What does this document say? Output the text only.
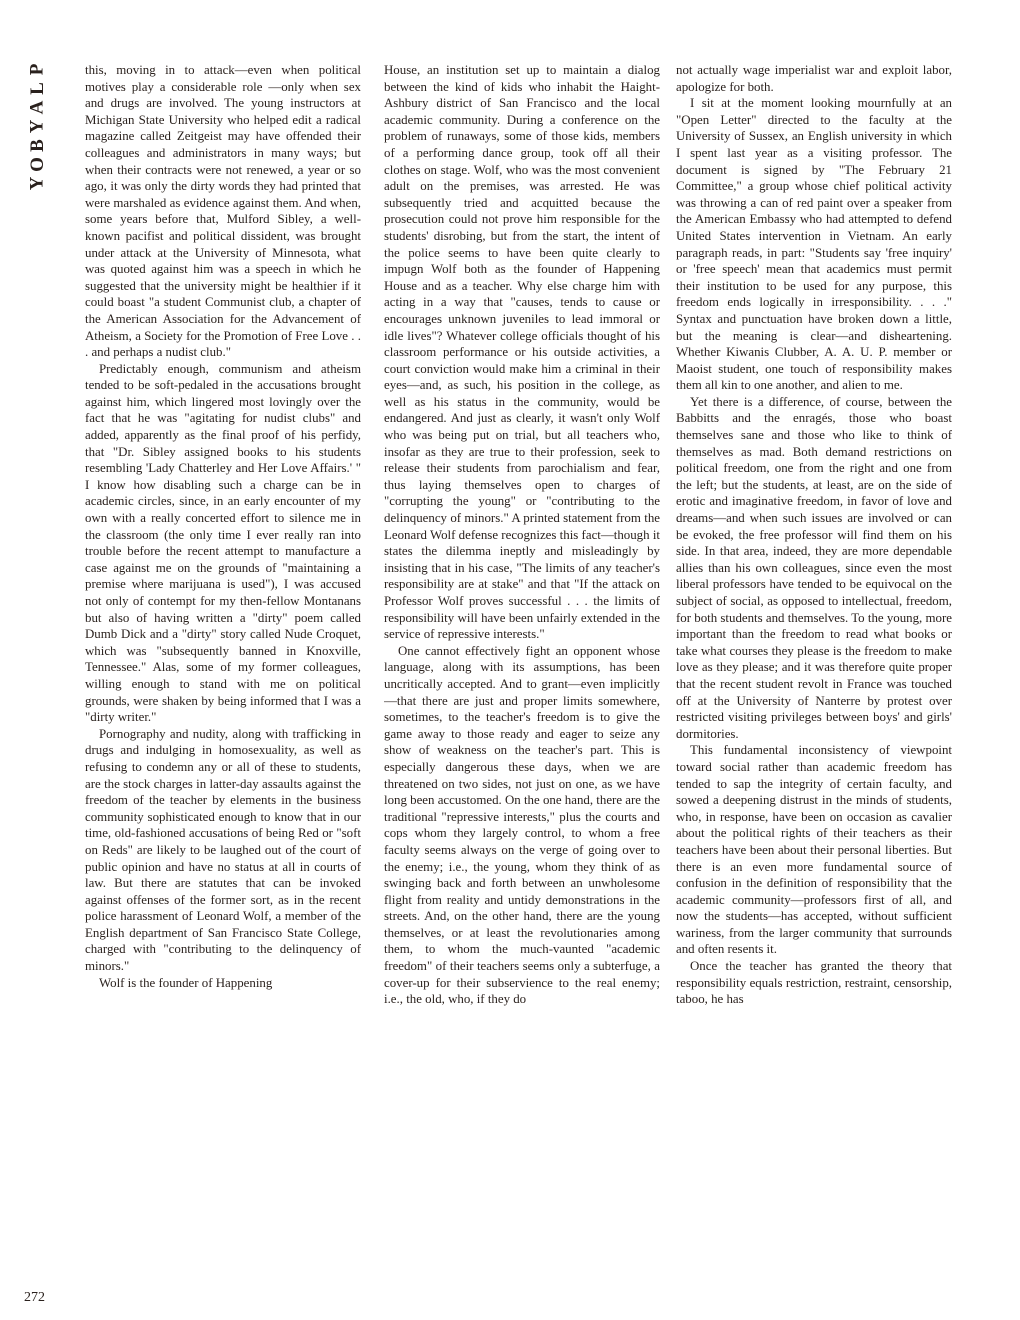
P
L
A
Y
B
O
Y

this, moving in to attack—even when political motives play a considerable role —only when sex and drugs are involved. The young instructors at Michigan State University who helped edit a radical magazine called Zeitgeist may have offended their colleagues and administrators in many ways; but when their contracts were not renewed, a year or so ago, it was only the dirty words they had printed that were marshaled as evidence against them. And when, some years before that, Mulford Sibley, a well-known pacifist and political dissident, was brought under attack at the University of Minnesota, what was quoted against him was a speech in which he suggested that the university might be healthier if it could boast "a student Communist club, a chapter of the American Association for the Advancement of Atheism, a Society for the Promotion of Free Love . . . and perhaps a nudist club."

Predictably enough, communism and atheism tended to be soft-pedaled in the accusations brought against him, which lingered most lovingly over the fact that he was "agitating for nudist clubs" and added, apparently as the final proof of his perfidy, that "Dr. Sibley assigned books to his students resembling 'Lady Chatterley and Her Love Affairs.' " I know how disabling such a charge can be in academic circles, since, in an early encounter of my own with a really concerted effort to silence me in the classroom (the only time I ever really ran into trouble before the recent attempt to manufacture a case against me on the grounds of "maintaining a premise where marijuana is used"), I was accused not only of contempt for my then-fellow Montanans but also of having written a "dirty" poem called Dumb Dick and a "dirty" story called Nude Croquet, which was "subsequently banned in Knoxville, Tennessee." Alas, some of my former colleagues, willing enough to stand with me on political grounds, were shaken by being informed that I was a "dirty writer."

Pornography and nudity, along with trafficking in drugs and indulging in homosexuality, as well as refusing to condemn any or all of these to students, are the stock charges in latter-day assaults against the freedom of the teacher by elements in the business community sophisticated enough to know that in our time, old-fashioned accusations of being Red or "soft on Reds" are likely to be laughed out of the court of public opinion and have no status at all in courts of law. But there are statutes that can be invoked against offenses of the former sort, as in the recent police harassment of Leonard Wolf, a member of the English department of San Francisco State College, charged with "contributing to the delinquency of minors."

Wolf is the founder of Happening

House, an institution set up to maintain a dialog between the kind of kids who inhabit the Haight-Ashbury district of San Francisco and the local academic community. During a conference on the problem of runaways, some of those kids, members of a performing dance group, took off all their clothes on stage. Wolf, who was the most convenient adult on the premises, was arrested. He was subsequently tried and acquitted because the prosecution could not prove him responsible for the students' disrobing, but from the start, the intent of the police seems to have been quite clearly to impugn Wolf both as the founder of Happening House and as a teacher. Why else charge him with acting in a way that "causes, tends to cause or encourages unknown juveniles to lead immoral or idle lives"? Whatever college officials thought of his classroom performance or his outside activities, a court conviction would make him a criminal in their eyes—and, as such, his position in the college, as well as his status in the community, would be endangered. And just as clearly, it wasn't only Wolf who was being put on trial, but all teachers who, insofar as they are true to their profession, seek to release their students from parochialism and fear, thus laying themselves open to charges of "corrupting the young" or "contributing to the delinquency of minors." A printed statement from the Leonard Wolf defense recognizes this fact—though it states the dilemma ineptly and misleadingly by insisting that in his case, "The limits of any teacher's responsibility are at stake" and that "If the attack on Professor Wolf proves successful . . . the limits of responsibility will have been unfairly extended in the service of repressive interests."

One cannot effectively fight an opponent whose language, along with its assumptions, has been uncritically accepted. And to grant—even implicitly—that there are just and proper limits somewhere, sometimes, to the teacher's freedom is to give the game away to those ready and eager to seize any show of weakness on the teacher's part. This is especially dangerous these days, when we are threatened on two sides, not just on one, as we have long been accustomed. On the one hand, there are the traditional "repressive interests," plus the courts and cops whom they largely control, to whom a free faculty seems always on the verge of going over to the enemy; i.e., the young, whom they think of as swinging back and forth between an unwholesome flight from reality and untidy demonstrations in the streets. And, on the other hand, there are the young themselves, or at least the revolutionaries among them, to whom the much-vaunted "academic freedom" of their teachers seems only a subterfuge, a cover-up for their subservience to the real enemy; i.e., the old, who, if they do

not actually wage imperialist war and exploit labor, apologize for both.

I sit at the moment looking mournfully at an "Open Letter" directed to the faculty at the University of Sussex, an English university in which I spent last year as a visiting professor. The document is signed by "The February 21 Committee," a group whose chief political activity was throwing a can of red paint over a speaker from the American Embassy who had attempted to defend United States intervention in Vietnam. An early paragraph reads, in part: "Students say 'free inquiry' or 'free speech' mean that academics must permit their institution to be used for any purpose, this freedom ends logically in irresponsibility. . . ." Syntax and punctuation have broken down a little, but the meaning is clear—and disheartening. Whether Kiwanis Clubber, A. A. U. P. member or Maoist student, one touch of responsibility makes them all kin to one another, and alien to me.

Yet there is a difference, of course, between the Babbitts and the enragés, those who boast themselves sane and those who like to think of themselves as mad. Both demand restrictions on political freedom, one from the right and one from the left; but the students, at least, are on the side of erotic and imaginative freedom, in favor of love and dreams—and when such issues are involved or can be evoked, the free professor will find them on his side. In that area, indeed, they are more dependable allies than his own colleagues, since even the most liberal professors have tended to be equivocal on the subject of social, as opposed to intellectual, freedom, for both students and themselves. To the young, more important than the freedom to read what books or take what courses they please is the freedom to make love as they please; and it was therefore quite proper that the recent student revolt in France was touched off at the University of Nanterre by protest over restricted visiting privileges between boys' and girls' dormitories.

This fundamental inconsistency of viewpoint toward social rather than academic freedom has tended to sap the integrity of certain faculty, and sowed a deepening distrust in the minds of students, who, in response, have been on occasion as cavalier about the political rights of their teachers as their teachers have been about their personal liberties. But there is an even more fundamental source of confusion in the definition of responsibility that the academic community—professors first of all, and now the students—has accepted, without sufficient wariness, from the larger community that surrounds and often resents it.

Once the teacher has granted the theory that responsibility equals restriction, restraint, censorship, taboo, he has

272
